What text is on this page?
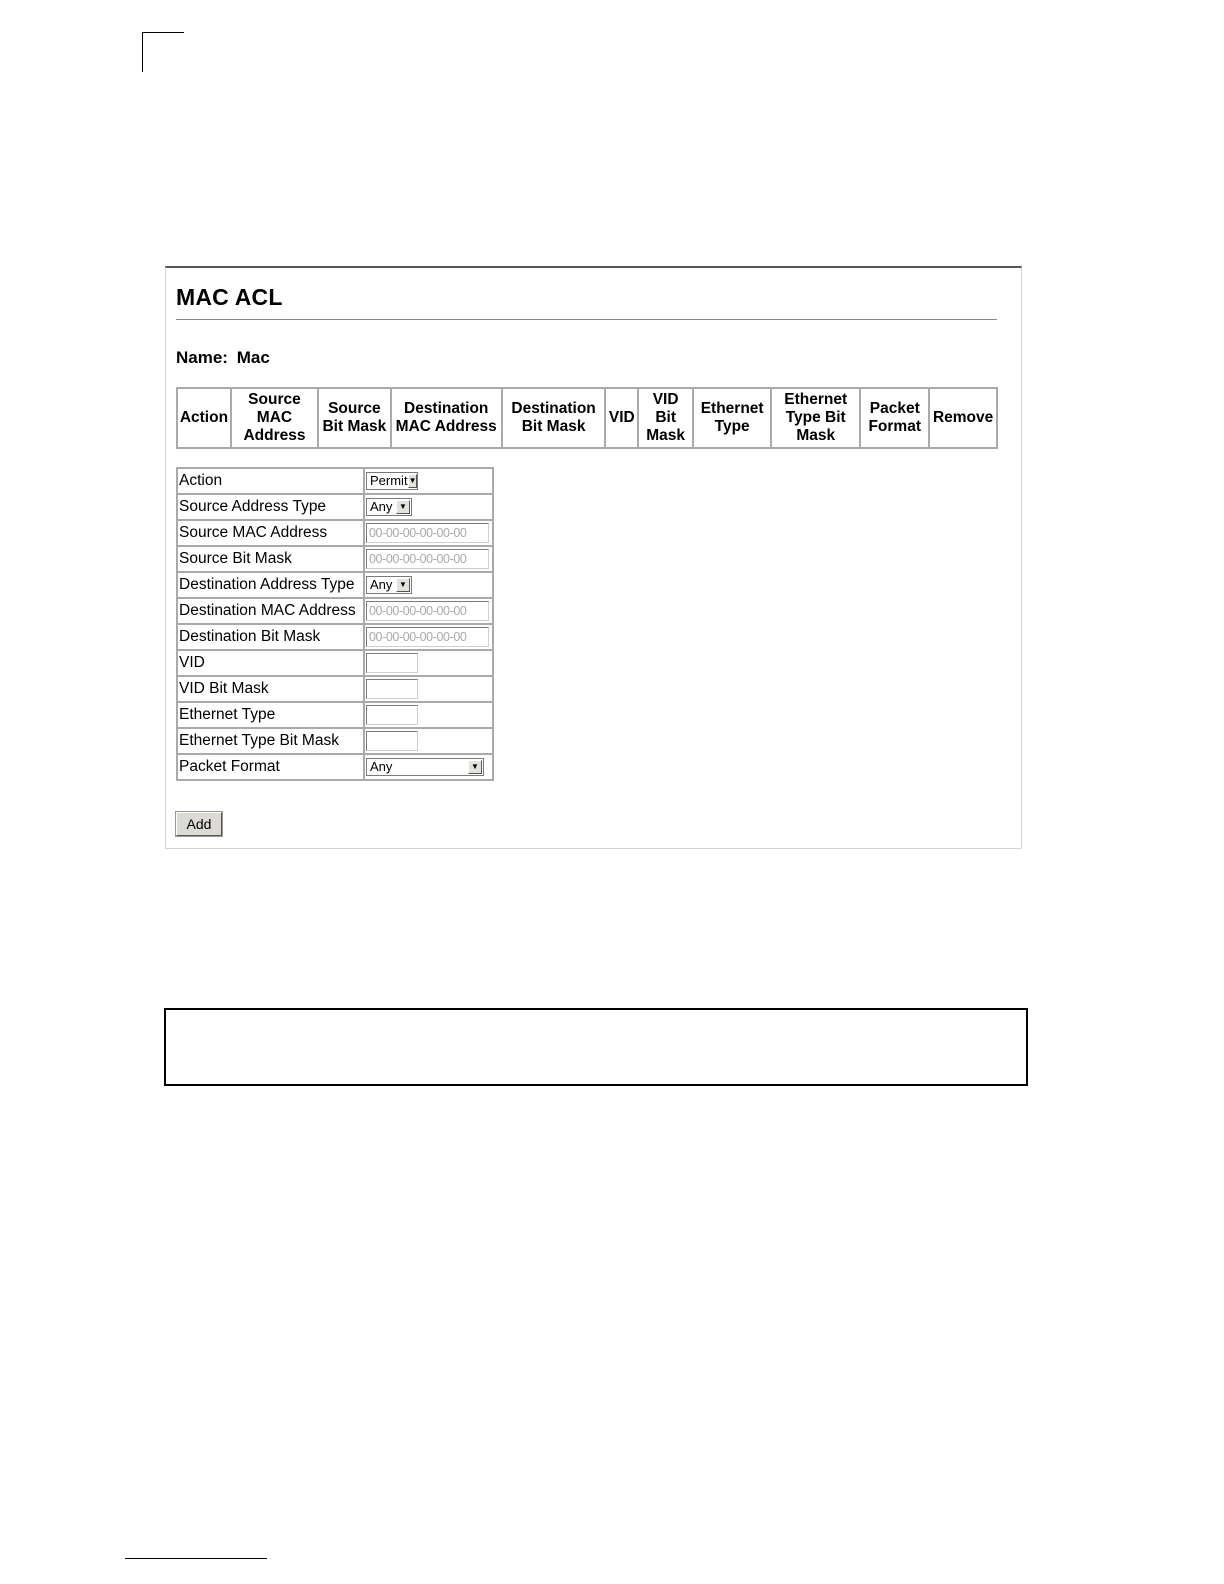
MAC ACL
Name: Mac
Action	Source
MAC
Address	Source
Bit Mask	Destination
MAC Address	Destination
Bit Mask	VID	VID
Bit
Mask	Ethernet
Type	Ethernet
Type Bit
Mask	Packet
Format	Remove
Action	Permit ▼

Source Address Type	Any ▼

Source MAC Address	00-00-00-00-00-00
Source Bit Mask	00-00-00-00-00-00
Destination Address Type	Any ▼

Destination MAC Address	00-00-00-00-00-00
Destination Bit Mask	00-00-00-00-00-00
VID	
VID Bit Mask	
Ethernet Type	
Ethernet Type Bit Mask	
Packet Format	Any ▼
Add
